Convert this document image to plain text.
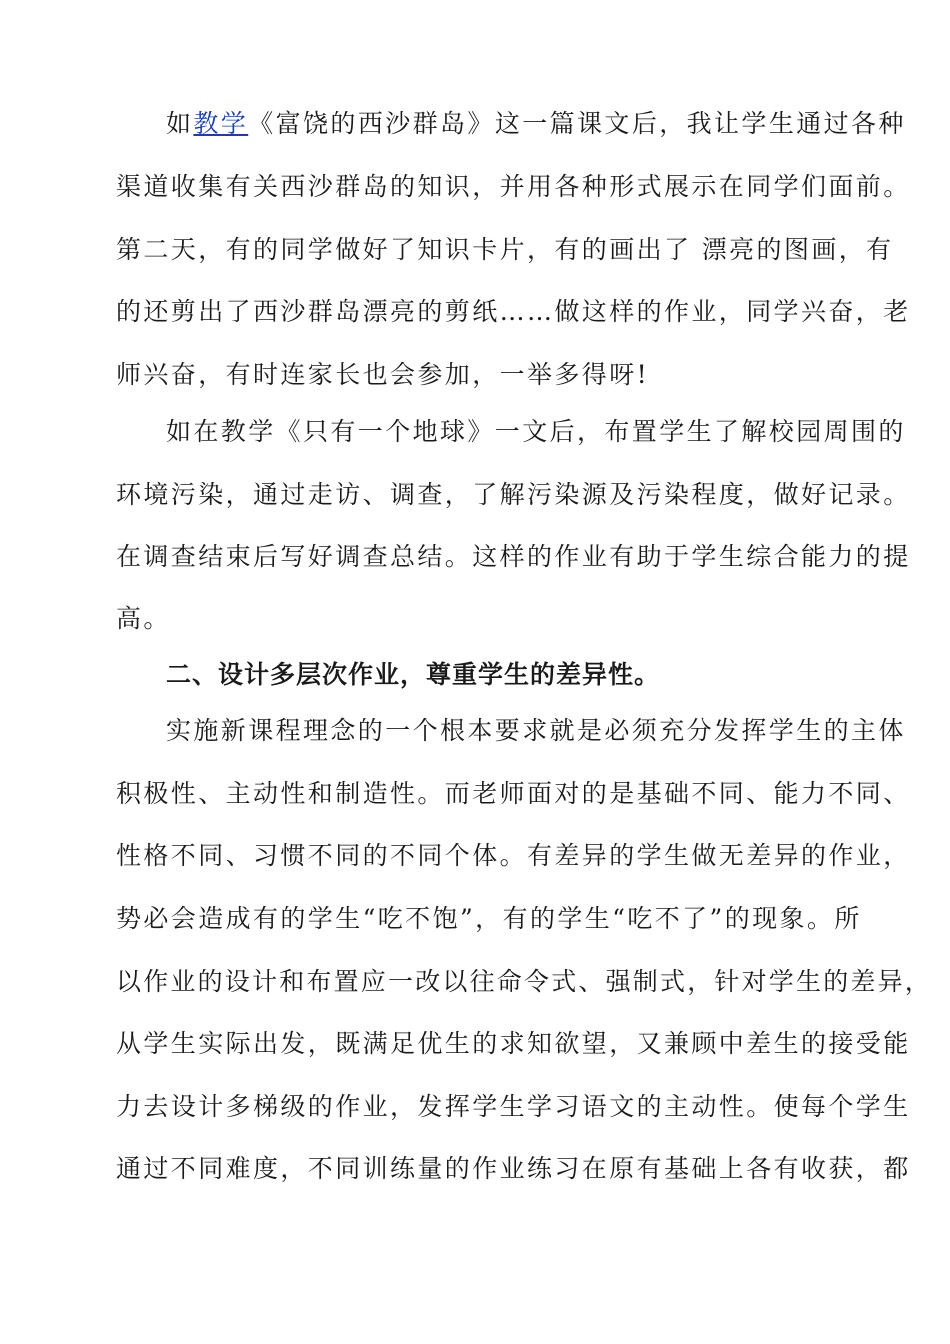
如教学《富饶的西沙群岛》这一篇课文后，我让学生通过各种
渠道收集有关西沙群岛的知识，并用各种形式展示在同学们面前。
第二天，有的同学做好了知识卡片，有的画出了 漂亮的图画，有
的还剪出了西沙群岛漂亮的剪纸……做这样的作业，同学兴奋，老
师兴奋，有时连家长也会参加，一举多得呀!
如在教学《只有一个地球》一文后，布置学生了解校园周围的
环境污染，通过走访、调查，了解污染源及污染程度，做好记录。
在调查结束后写好调查总结。这样的作业有助于学生综合能力的提
高。
二、设计多层次作业，尊重学生的差异性。
实施新课程理念的一个根本要求就是必须充分发挥学生的主体
积极性、主动性和制造性。而老师面对的是基础不同、能力不同、
性格不同、习惯不同的不同个体。有差异的学生做无差异的作业，
势必会造成有的学生“吃不饱”，有的学生“吃不了”的现象。所
以作业的设计和布置应一改以往命令式、强制式，针对学生的差异，
从学生实际出发，既满足优生的求知欲望，又兼顾中差生的接受能
力去设计多梯级的作业，发挥学生学习语文的主动性。使每个学生
通过不同难度，不同训练量的作业练习在原有基础上各有收获，都
